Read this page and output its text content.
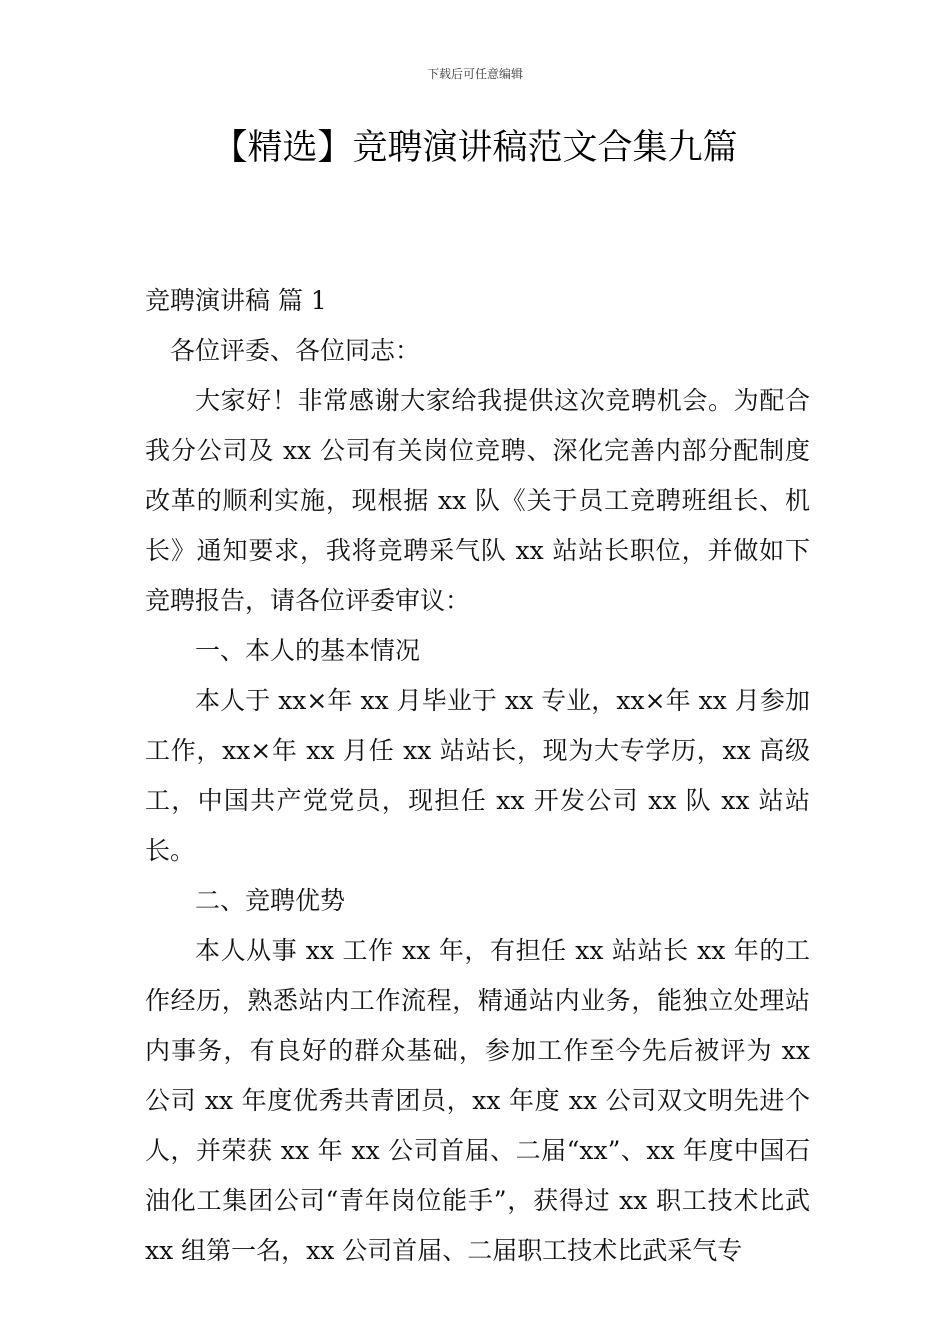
下载后可任意编辑
【精选】竞聘演讲稿范文合集九篇

竞聘演讲稿 篇 1

各位评委、各位同志：

大家好！非常感谢大家给我提供这次竞聘机会。为配合我分公司及 xx 公司有关岗位竞聘、深化完善内部分配制度改革的顺利实施，现根据 xx 队《关于员工竞聘班组长、机长》通知要求，我将竞聘采气队 xx 站站长职位，并做如下竞聘报告，请各位评委审议：

一、本人的基本情况

本人于 xx×年 xx 月毕业于 xx 专业，xx×年 xx 月参加工作，xx×年 xx 月任 xx 站站长，现为大专学历，xx 高级工，中国共产党党员，现担任 xx 开发公司 xx 队 xx 站站长。

二、竞聘优势

本人从事 xx 工作 xx 年，有担任 xx 站站长 xx 年的工作经历，熟悉站内工作流程，精通站内业务，能独立处理站内事务，有良好的群众基础，参加工作至今先后被评为 xx 公司 xx 年度优秀共青团员，xx 年度 xx 公司双文明先进个人，并荣获 xx 年 xx 公司首届、二届“xx”、xx 年度中国石油化工集团公司“青年岗位能手”，获得过 xx 职工技术比武 xx 组第一名，xx 公司首届、二届职工技术比武采气专
